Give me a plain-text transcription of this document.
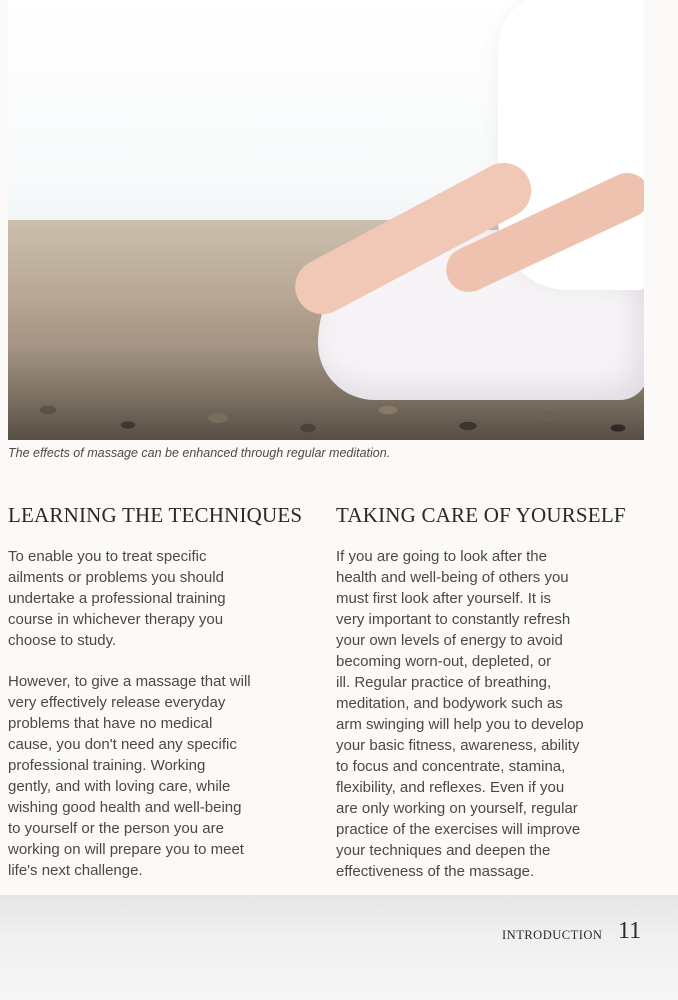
The effects of massage can be enhanced through regular meditation.
LEARNING THE TECHNIQUES TAKING CARE OF YOURSELF

To enable you to treat specific
ailments or problems you should
undertake a professional training
course in whichever therapy you
choose to study.

However, to give a massage that will
very effectively release everyday
problems that have no medical
cause, you don't need any specific
professional training. Working
gently, and with loving care, while
wishing good health and well-being
to yourself or the person you are
working on will prepare you to meet
life's next challenge.

If you are going to look after the
health and well-being of others you
must first look after yourself. It is
very important to constantly refresh
your own levels of energy to avoid
becoming worn-out, depleted, or
ill. Regular practice of breathing,
meditation, and bodywork such as
arm swinging will help you to develop
your basic fitness, awareness, ability
to focus and concentrate, stamina,
flexibility, and reflexes. Even if you
are only working on yourself, regular
practice of the exercises will improve
your techniques and deepen the
effectiveness of the massage.

INTRODUCTION 11
